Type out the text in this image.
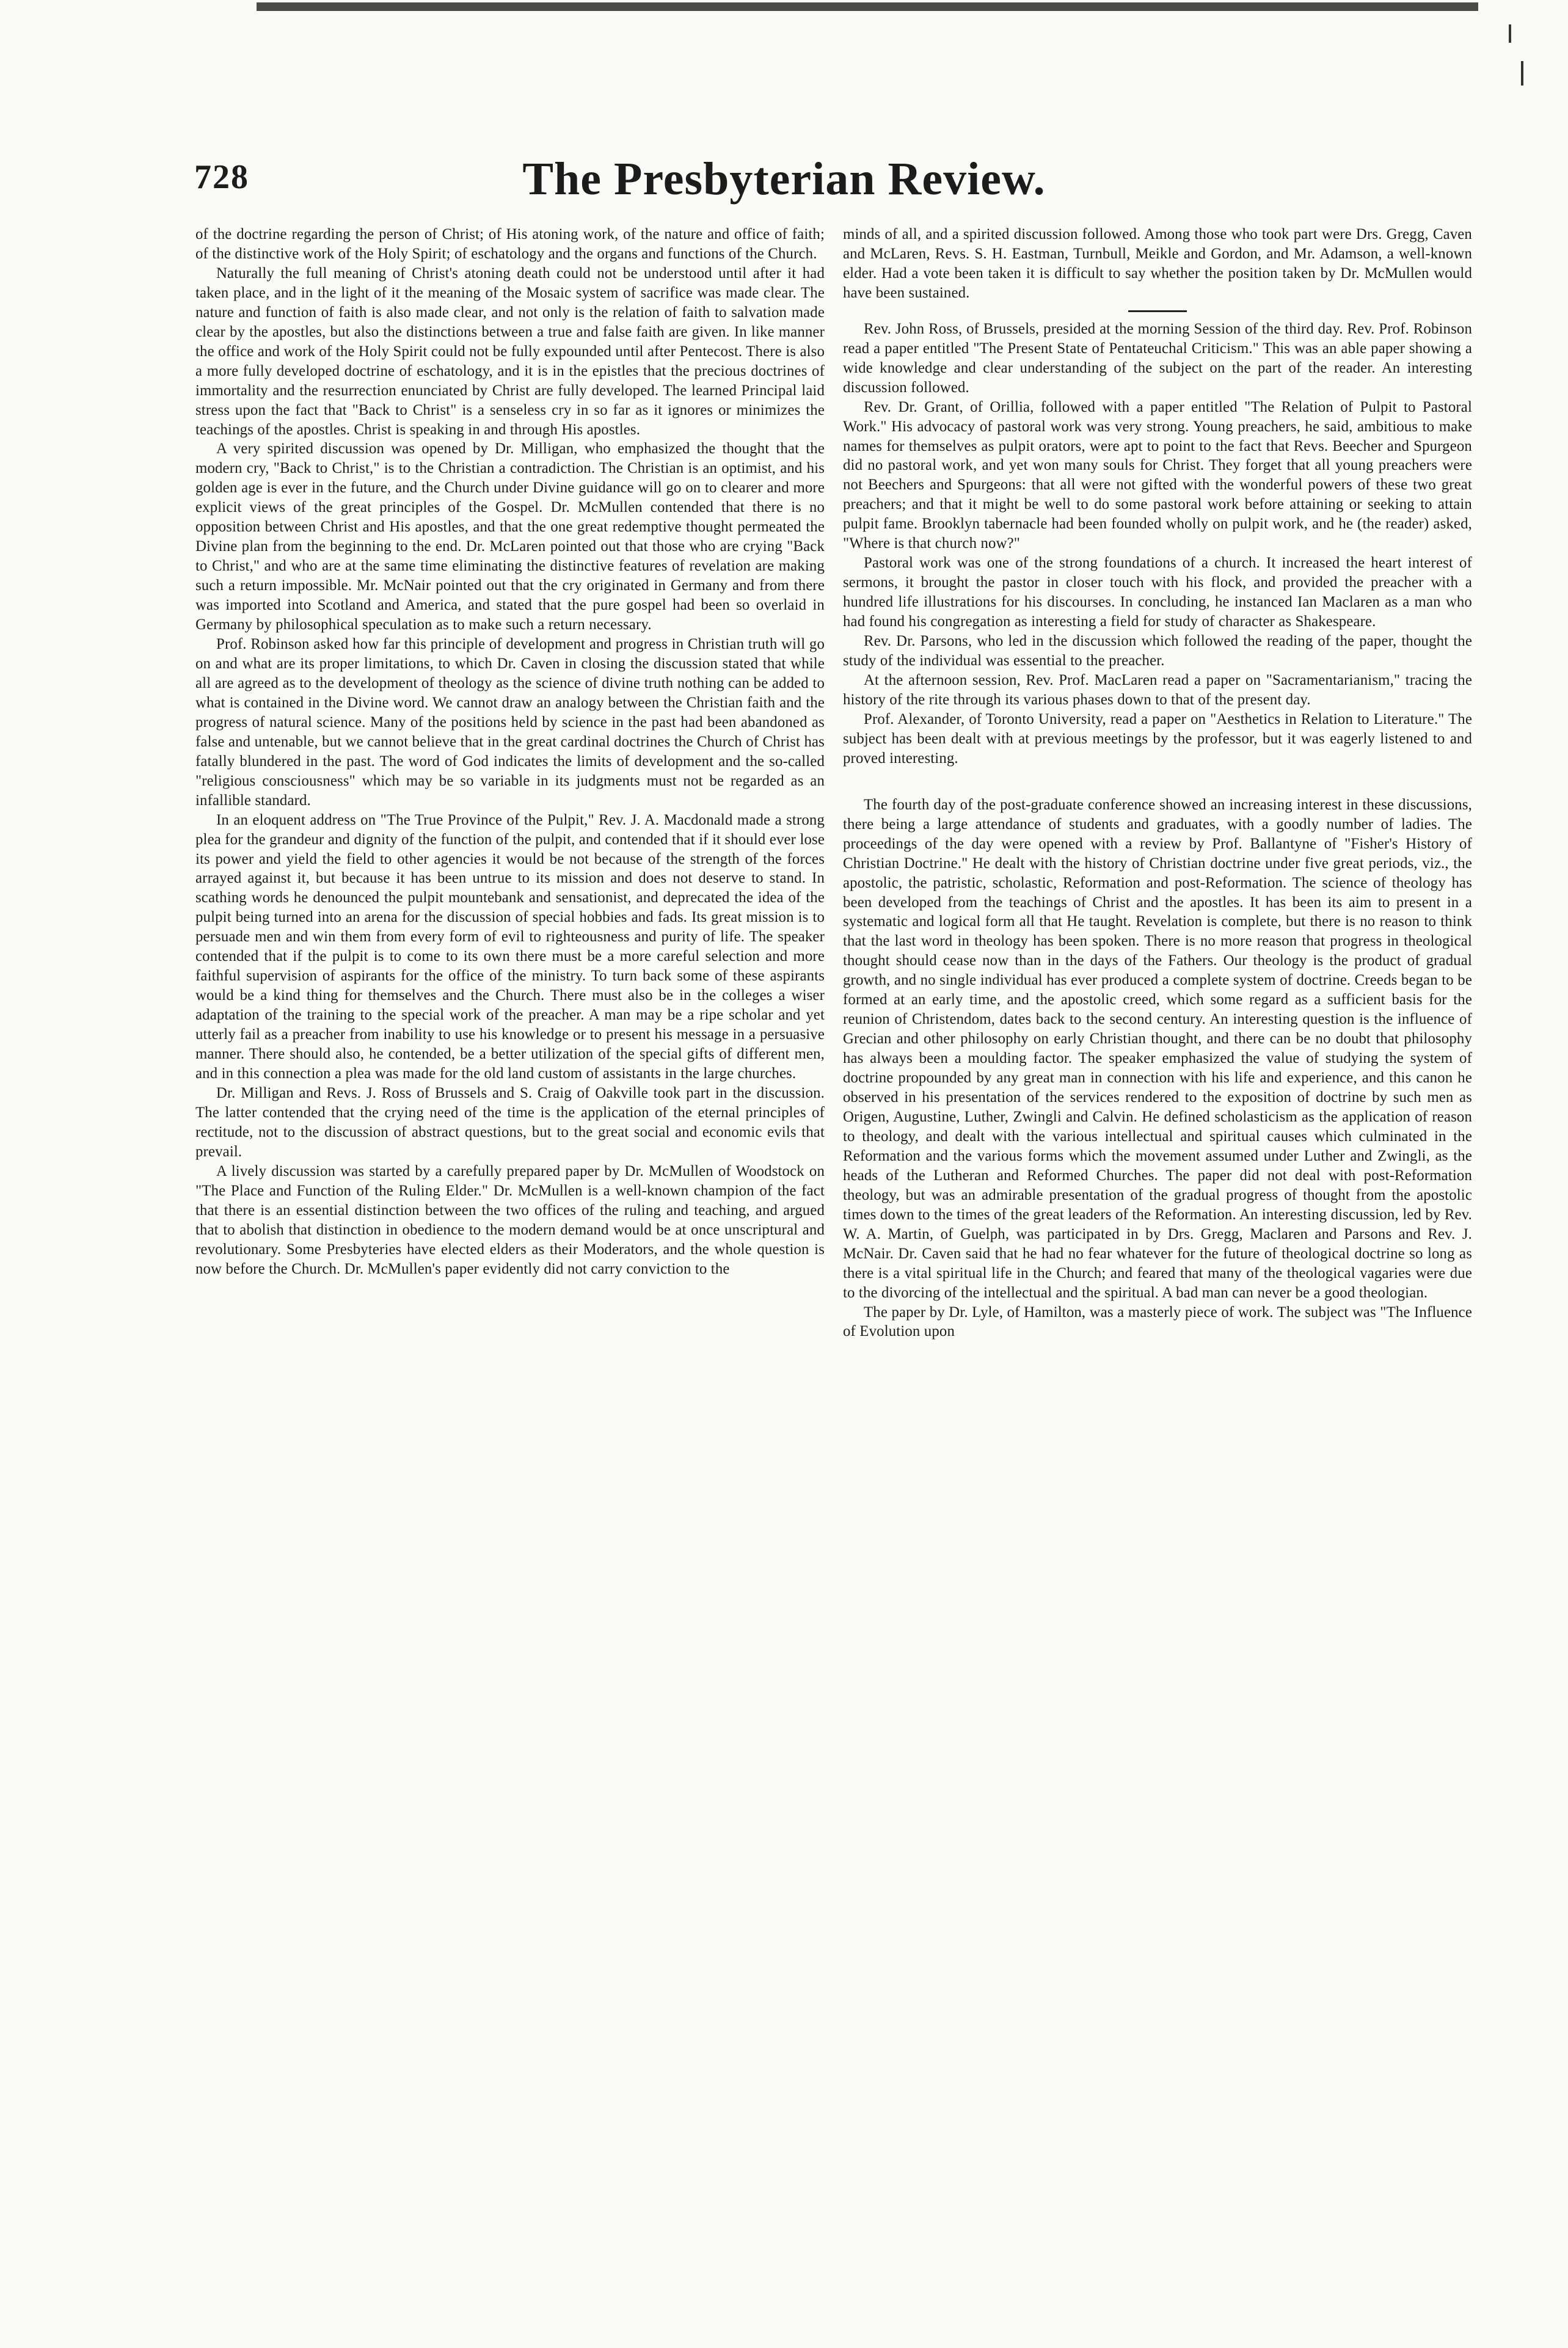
728	The Presbyterian Review.

of the doctrine regarding the person of Christ; of His atoning work, of the nature and office of faith; of the distinctive work of the Holy Spirit; of eschatology and the organs and functions of the Church.

Naturally the full meaning of Christ's atoning death could not be understood until after it had taken place, and in the light of it the meaning of the Mosaic system of sacrifice was made clear. The nature and function of faith is also made clear, and not only is the relation of faith to salvation made clear by the apostles, but also the distinctions between a true and false faith are given. In like manner the office and work of the Holy Spirit could not be fully expounded until after Pentecost. There is also a more fully developed doctrine of eschatology, and it is in the epistles that the precious doctrines of immortality and the resurrection enunciated by Christ are fully developed. The learned Principal laid stress upon the fact that "Back to Christ" is a senseless cry in so far as it ignores or minimizes the teachings of the apostles. Christ is speaking in and through His apostles.

A very spirited discussion was opened by Dr. Milligan, who emphasized the thought that the modern cry, "Back to Christ," is to the Christian a contradiction. The Christian is an optimist, and his golden age is ever in the future, and the Church under Divine guidance will go on to clearer and more explicit views of the great principles of the Gospel. Dr. McMullen contended that there is no opposition between Christ and His apostles, and that the one great redemptive thought permeated the Divine plan from the beginning to the end. Dr. McLaren pointed out that those who are crying "Back to Christ," and who are at the same time eliminating the distinctive features of revelation are making such a return impossible. Mr. McNair pointed out that the cry originated in Germany and from there was imported into Scotland and America, and stated that the pure gospel had been so overlaid in Germany by philosophical speculation as to make such a return necessary.

Prof. Robinson asked how far this principle of development and progress in Christian truth will go on and what are its proper limitations, to which Dr. Caven in closing the discussion stated that while all are agreed as to the development of theology as the science of divine truth nothing can be added to what is contained in the Divine word. We cannot draw an analogy between the Christian faith and the progress of natural science. Many of the positions held by science in the past had been abandoned as false and untenable, but we cannot believe that in the great cardinal doctrines the Church of Christ has fatally blundered in the past. The word of God indicates the limits of development and the so-called "religious consciousness" which may be so variable in its judgments must not be regarded as an infallible standard.

In an eloquent address on "The True Province of the Pulpit," Rev. J. A. Macdonald made a strong plea for the grandeur and dignity of the function of the pulpit, and contended that if it should ever lose its power and yield the field to other agencies it would be not because of the strength of the forces arrayed against it, but because it has been untrue to its mission and does not deserve to stand. In scathing words he denounced the pulpit mountebank and sensationist, and deprecated the idea of the pulpit being turned into an arena for the discussion of special hobbies and fads. Its great mission is to persuade men and win them from every form of evil to righteousness and purity of life. The speaker contended that if the pulpit is to come to its own there must be a more careful selection and more faithful supervision of aspirants for the office of the ministry. To turn back some of these aspirants would be a kind thing for themselves and the Church. There must also be in the colleges a wiser adaptation of the training to the special work of the preacher. A man may be a ripe scholar and yet utterly fail as a preacher from inability to use his knowledge or to present his message in a persuasive manner. There should also, he contended, be a better utilization of the special gifts of different men, and in this connection a plea was made for the old land custom of assistants in the large churches.

Dr. Milligan and Revs. J. Ross of Brussels and S. Craig of Oakville took part in the discussion. The latter contended that the crying need of the time is the application of the eternal principles of rectitude, not to the discussion of abstract questions, but to the great social and economic evils that prevail.

A lively discussion was started by a carefully prepared paper by Dr. McMullen of Woodstock on "The Place and Function of the Ruling Elder." Dr. McMullen is a well-known champion of the fact that there is an essential distinction between the two offices of the ruling and teaching, and argued that to abolish that distinction in obedience to the modern demand would be at once unscriptural and revolutionary. Some Presbyteries have elected elders as their Moderators, and the whole question is now before the Church. Dr. McMullen's paper evidently did not carry conviction to the

minds of all, and a spirited discussion followed. Among those who took part were Drs. Gregg, Caven and McLaren, Revs. S. H. Eastman, Turnbull, Meikle and Gordon, and Mr. Adamson, a well-known elder. Had a vote been taken it is difficult to say whether the position taken by Dr. McMullen would have been sustained.

Rev. John Ross, of Brussels, presided at the morning Session of the third day. Rev. Prof. Robinson read a paper entitled "The Present State of Pentateuchal Criticism." This was an able paper showing a wide knowledge and clear understanding of the subject on the part of the reader. An interesting discussion followed.

Rev. Dr. Grant, of Orillia, followed with a paper entitled "The Relation of Pulpit to Pastoral Work." His advocacy of pastoral work was very strong. Young preachers, he said, ambitious to make names for themselves as pulpit orators, were apt to point to the fact that Revs. Beecher and Spurgeon did no pastoral work, and yet won many souls for Christ. They forget that all young preachers were not Beechers and Spurgeons: that all were not gifted with the wonderful powers of these two great preachers; and that it might be well to do some pastoral work before attaining or seeking to attain pulpit fame. Brooklyn tabernacle had been founded wholly on pulpit work, and he (the reader) asked, "Where is that church now?"

Pastoral work was one of the strong foundations of a church. It increased the heart interest of sermons, it brought the pastor in closer touch with his flock, and provided the preacher with a hundred life illustrations for his discourses. In concluding, he instanced Ian Maclaren as a man who had found his congregation as interesting a field for study of character as Shakespeare.

Rev. Dr. Parsons, who led in the discussion which followed the reading of the paper, thought the study of the individual was essential to the preacher.

At the afternoon session, Rev. Prof. MacLaren read a paper on "Sacramentarianism," tracing the history of the rite through its various phases down to that of the present day.

Prof. Alexander, of Toronto University, read a paper on "Aesthetics in Relation to Literature." The subject has been dealt with at previous meetings by the professor, but it was eagerly listened to and proved interesting.

The fourth day of the post-graduate conference showed an increasing interest in these discussions, there being a large attendance of students and graduates, with a goodly number of ladies. The proceedings of the day were opened with a review by Prof. Ballantyne of "Fisher's History of Christian Doctrine." He dealt with the history of Christian doctrine under five great periods, viz., the apostolic, the patristic, scholastic, Reformation and post-Reformation. The science of theology has been developed from the teachings of Christ and the apostles. It has been its aim to present in a systematic and logical form all that He taught. Revelation is complete, but there is no reason to think that the last word in theology has been spoken. There is no more reason that progress in theological thought should cease now than in the days of the Fathers. Our theology is the product of gradual growth, and no single individual has ever produced a complete system of doctrine. Creeds began to be formed at an early time, and the apostolic creed, which some regard as a sufficient basis for the reunion of Christendom, dates back to the second century. An interesting question is the influence of Grecian and other philosophy on early Christian thought, and there can be no doubt that philosophy has always been a moulding factor. The speaker emphasized the value of studying the system of doctrine propounded by any great man in connection with his life and experience, and this canon he observed in his presentation of the services rendered to the exposition of doctrine by such men as Origen, Augustine, Luther, Zwingli and Calvin. He defined scholasticism as the application of reason to theology, and dealt with the various intellectual and spiritual causes which culminated in the Reformation and the various forms which the movement assumed under Luther and Zwingli, as the heads of the Lutheran and Reformed Churches. The paper did not deal with post-Reformation theology, but was an admirable presentation of the gradual progress of thought from the apostolic times down to the times of the great leaders of the Reformation. An interesting discussion, led by Rev. W. A. Martin, of Guelph, was participated in by Drs. Gregg, Maclaren and Parsons and Rev. J. McNair. Dr. Caven said that he had no fear whatever for the future of theological doctrine so long as there is a vital spiritual life in the Church; and feared that many of the theological vagaries were due to the divorcing of the intellectual and the spiritual. A bad man can never be a good theologian.

The paper by Dr. Lyle, of Hamilton, was a masterly piece of work. The subject was "The Influence of Evolution upon
